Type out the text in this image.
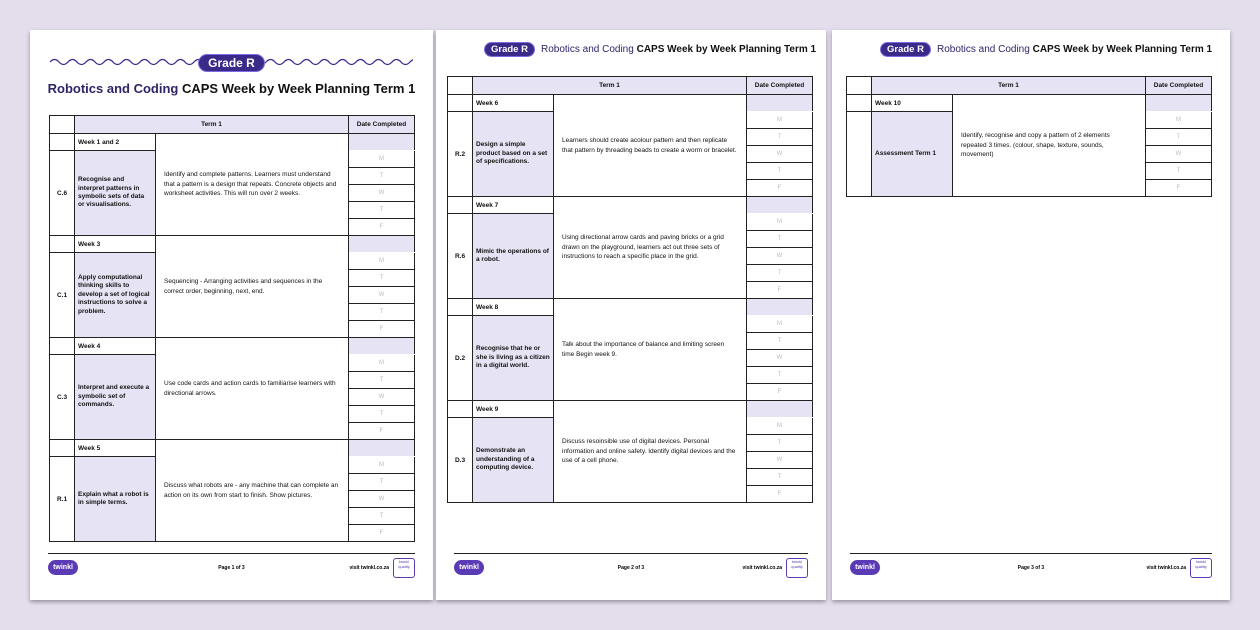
Grade R
Robotics and Coding CAPS Week by Week Planning Term 1
	Term 1		Date Completed
	Week 1 and 2	Identify and complete patterns. Learners must understand that a pattern is a design that repeats. Concrete objects and worksheet activities. This will run over 2 weeks.	
C.6	Recognise and interpret patterns in symbolic sets of data or visualisations.		M
			T
			W
			T
			F
	Week 3	Sequencing - Arranging activities and sequences in the correct order, beginning, next, end.	
C.1	Apply computational thinking skills to develop a set of logical instructions to solve a problem.		M
			T
			W
			T
			F
	Week 4	Use code cards and action cards to familiarise learners with directional arrows.	
C.3	Interpret and execute a symbolic set of commands.		M
			T
			W
			T
			F
	Week 5	Discuss what robots are - any machine that can complete an action on its own from start to finish. Show pictures.	
R.1	Explain what a robot is in simple terms.		M
			T
			W
			T
			F
twinkl	Page 1 of 3	visit twinkl.co.za
twinkl quality
Grade R Robotics and Coding CAPS Week by Week Planning Term 1
	Term 1		Date Completed
	Week 6	Learners should create acolour pattern and then replicate that pattern by threading beads to create a worm or bracelet.	
R.2	Design a simple product based on a set of specifications.		M
			T
			W
			T
			F
	Week 7	Using directional arrow cards and paving bricks or a grid drawn on the playground, learners act out three sets of instructions to reach a specific place in the grid.	
R.6	Mimic the operations of a robot.		M
			T
			W
			T
			F
	Week 8	Talk about the importance of balance and limiting screen time Begin week 9.	
D.2	Recognise that he or she is living as a citizen in a digital world.		M
			T
			W
			T
			F
	Week 9	Discuss resoinsible use of digital devices. Personal information and online safety. Identify digital devices and the use of a cell phone.	
D.3	Demonstrate an understanding of a computing device.		M
			T
			W
			T
			F
twinkl	Page 2 of 3	visit twinkl.co.za
twinkl quality
Grade R Robotics and Coding CAPS Week by Week Planning Term 1
	Term 1		Date Completed
	Week 10	Identify, recognise and copy a pattern of 2 elements repeated 3 times. (colour, shape, texture, sounds, movement)	
	Assessment Term 1		M
			T
			W
			T
			F
twinkl	Page 3 of 3	visit twinkl.co.za
twinkl quality
